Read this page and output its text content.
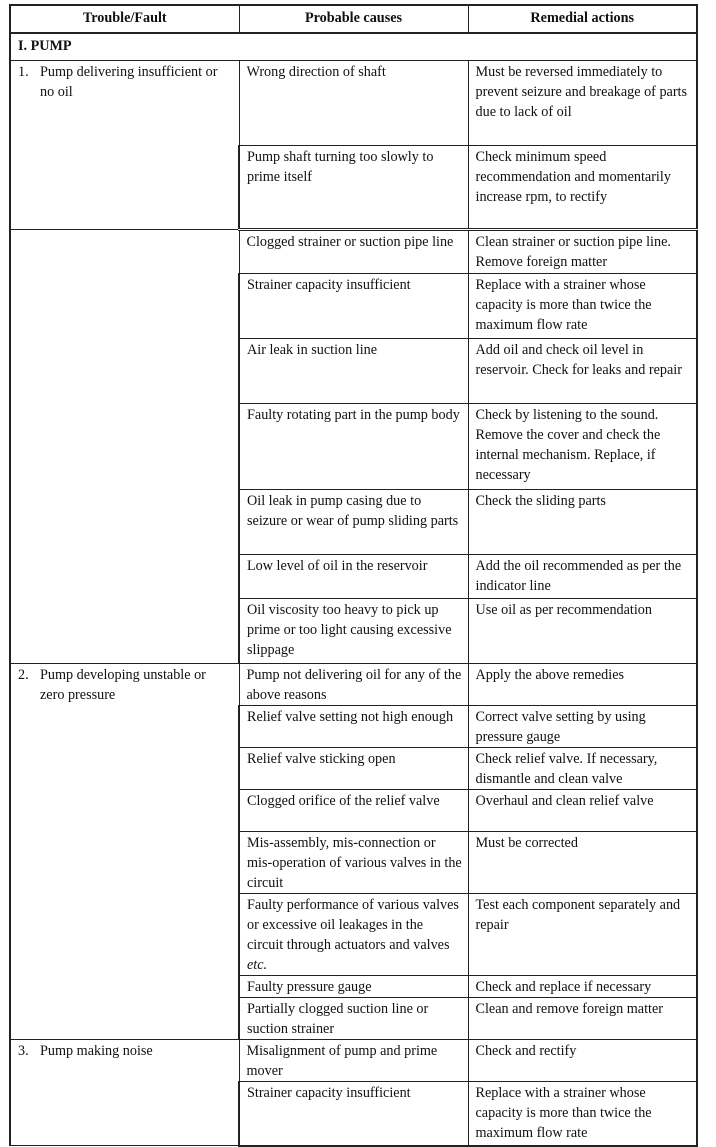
Trouble/Fault	Probable causes	Remedial actions
I. PUMP		

1. Pump delivering insufficient or no oil	Wrong direction of shaft	Must be reversed immediately to prevent seizure and breakage of parts due to lack of oil
	Pump shaft turning too slowly to prime itself	Check minimum speed recommendation and momentarily increase rpm, to rectify
	Clogged strainer or suction pipe line	Clean strainer or suction pipe line. Remove foreign matter
	Strainer capacity insufficient	Replace with a strainer whose capacity is more than twice the maximum flow rate
	Air leak in suction line	Add oil and check oil level in reservoir. Check for leaks and repair
	Faulty rotating part in the pump body	Check by listening to the sound. Remove the cover and check the internal mechanism. Replace, if necessary
	Oil leak in pump casing due to seizure or wear of pump sliding parts	Check the sliding parts
	Low level of oil in the reservoir	Add the oil recommended as per the indicator line
	Oil viscosity too heavy to pick up prime or too light causing excessive slippage	Use oil as per recommendation

2. Pump developing unstable or zero pressure	Pump not delivering oil for any of the above reasons	Apply the above remedies
	Relief valve setting not high enough	Correct valve setting by using pressure gauge
	Relief valve sticking open	Check relief valve. If necessary, dismantle and clean valve
	Clogged orifice of the relief valve	Overhaul and clean relief valve
	Mis-assembly, mis-connection or mis-operation of various valves in the circuit	Must be corrected
	Faulty performance of various valves or excessive oil leakages in the circuit through actuators and valves etc.	Test each component separately and repair
	Faulty pressure gauge	Check and replace if necessary
	Partially clogged suction line or suction strainer	Clean and remove foreign matter

3. Pump making noise	Misalignment of pump and prime mover	Check and rectify
	Strainer capacity insufficient	Replace with a strainer whose capacity is more than twice the maximum flow rate
